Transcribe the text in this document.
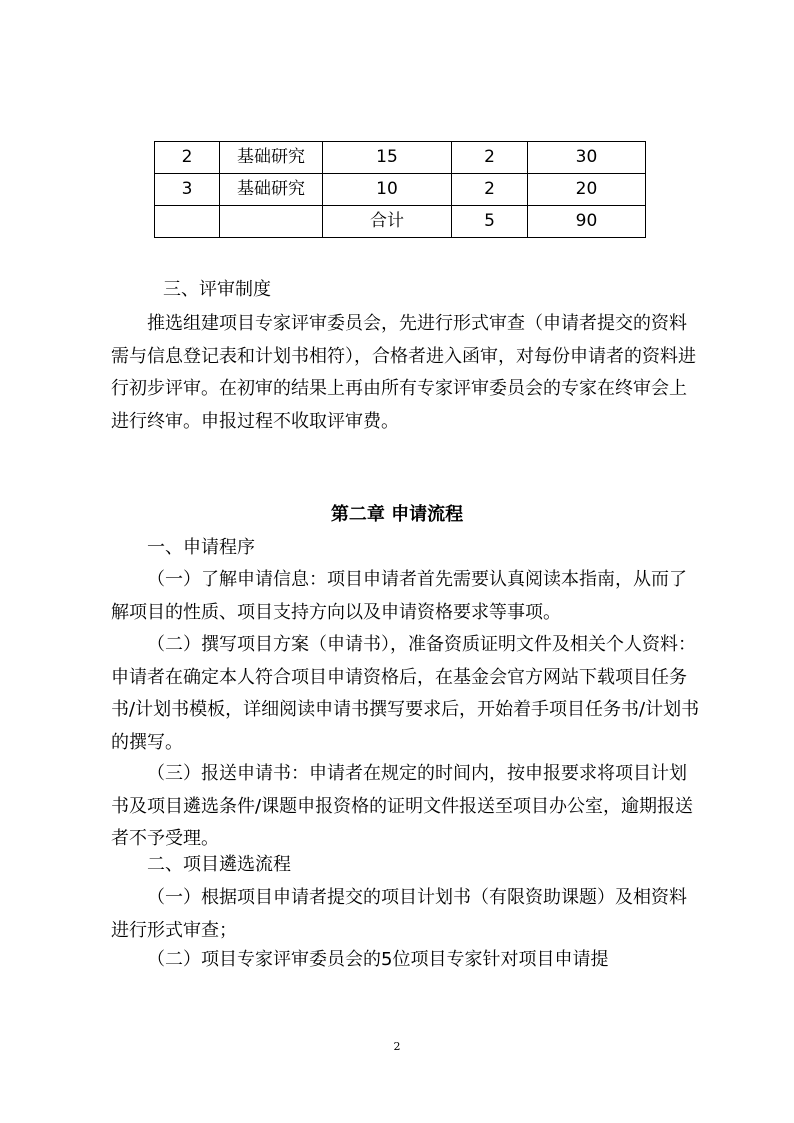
2	基础研究	15	2	30
3	基础研究	10	2	20
		合计	5	90

三、评审制度

推选组建项目专家评审委员会，先进行形式审查（申请者提交的资料需与信息登记表和计划书相符），合格者进入函审，对每份申请者的资料进行初步评审。在初审的结果上再由所有专家评审委员会的专家在终审会上进行终审。申报过程不收取评审费。

第二章 申请流程

一、申请程序

（一）了解申请信息：项目申请者首先需要认真阅读本指南，从而了解项目的性质、项目支持方向以及申请资格要求等事项。

（二）撰写项目方案（申请书），准备资质证明文件及相关个人资料：申请者在确定本人符合项目申请资格后，在基金会官方网站下载项目任务书/计划书模板，详细阅读申请书撰写要求后，开始着手项目任务书/计划书的撰写。

（三）报送申请书：申请者在规定的时间内，按申报要求将项目计划书及项目遴选条件/课题申报资格的证明文件报送至项目办公室，逾期报送者不予受理。

二、项目遴选流程

（一）根据项目申请者提交的项目计划书（有限资助课题）及相资料进行形式审查；

（二）项目专家评审委员会的5位项目专家针对项目申请提

2
